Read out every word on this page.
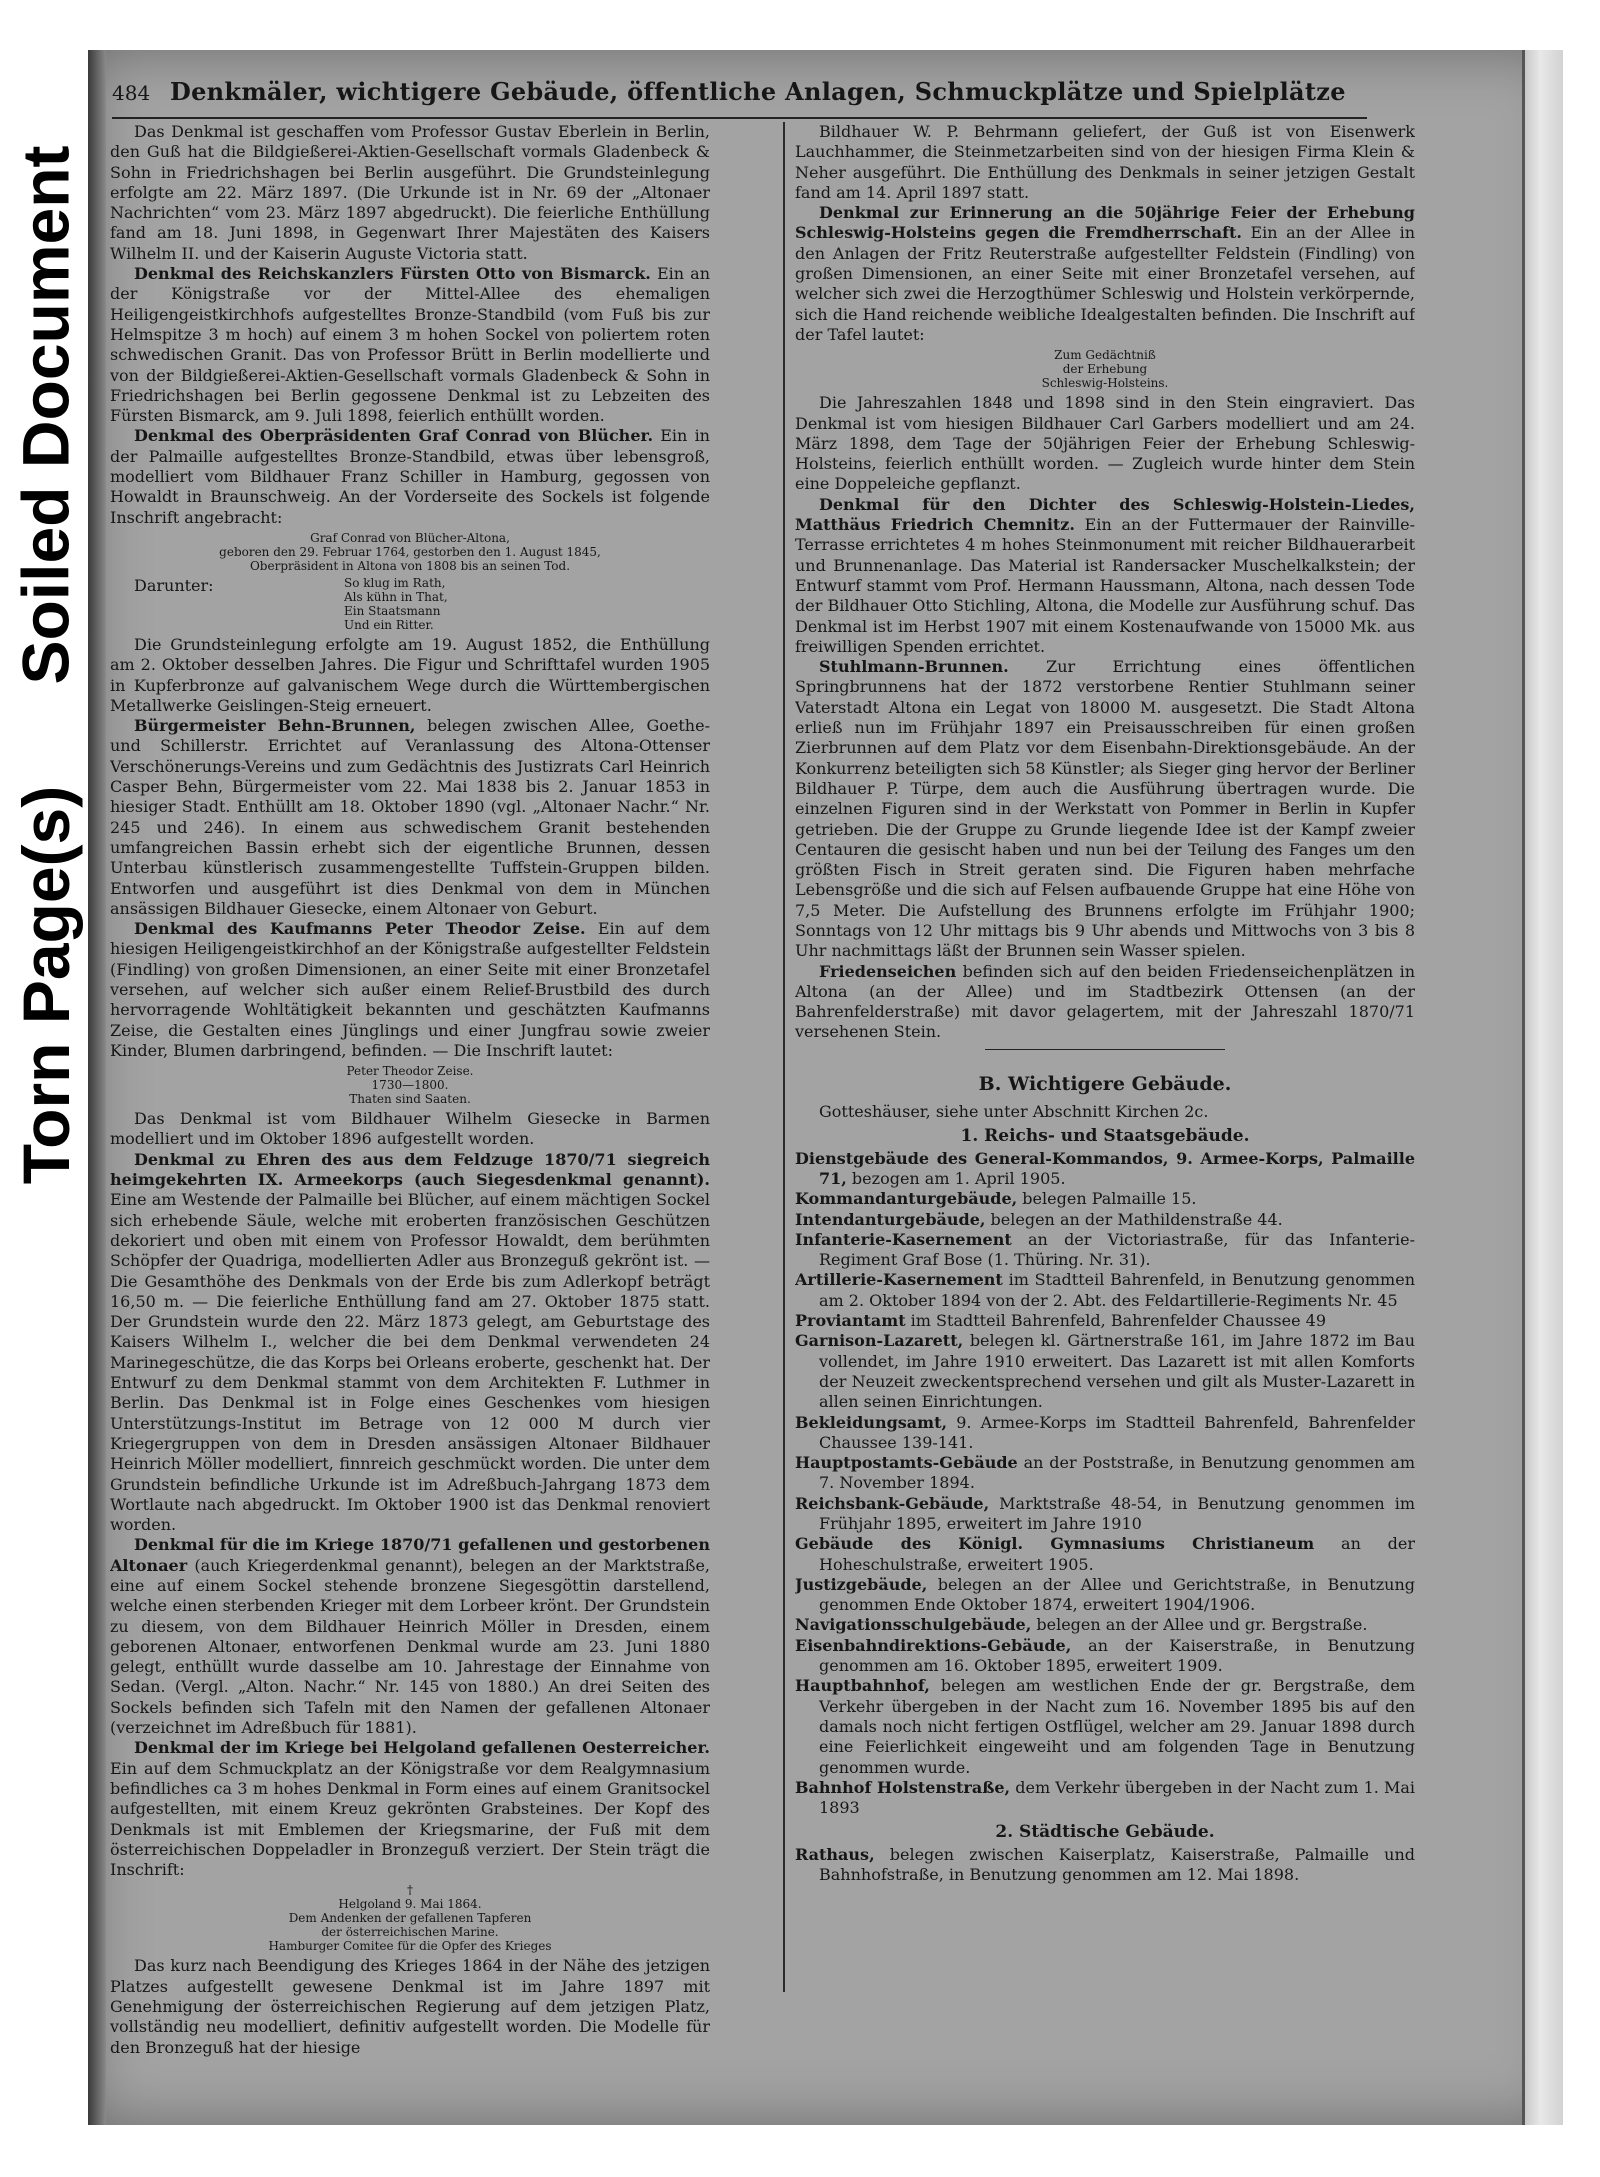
Soiled Document
Torn Page(s)
484 Denkmäler, wichtigere Gebäude, öffentliche Anlagen, Schmuckplätze und Spielplätze

Das Denkmal ist geschaffen vom Professor Gustav Eberlein in Berlin, den Guß hat die Bildgießerei-Aktien-Gesellschaft vormals Gladenbeck & Sohn in Friedrichshagen bei Berlin ausgeführt. Die Grundsteinlegung erfolgte am 22. März 1897. (Die Urkunde ist in Nr. 69 der „Altonaer Nachrichten“ vom 23. März 1897 abgedruckt). Die feierliche Enthüllung fand am 18. Juni 1898, in Gegenwart Ihrer Majestäten des Kaisers Wilhelm II. und der Kaiserin Auguste Victoria statt.

Denkmal des Reichskanzlers Fürsten Otto von Bismarck. Ein an der Königstraße vor der Mittel-Allee des ehemaligen Heiligengeistkirchhofs aufgestelltes Bronze-Standbild (vom Fuß bis zur Helmspitze 3 m hoch) auf einem 3 m hohen Sockel von poliertem roten schwedischen Granit. Das von Professor Brütt in Berlin modellierte und von der Bildgießerei-Aktien-Gesellschaft vormals Gladenbeck & Sohn in Friedrichshagen bei Berlin gegossene Denkmal ist zu Lebzeiten des Fürsten Bismarck, am 9. Juli 1898, feierlich enthüllt worden.

Denkmal des Oberpräsidenten Graf Conrad von Blücher. Ein in der Palmaille aufgestelltes Bronze-Standbild, etwas über lebensgroß, modelliert vom Bildhauer Franz Schiller in Hamburg, gegossen von Howaldt in Braunschweig. An der Vorderseite des Sockels ist folgende Inschrift angebracht:

Graf Conrad von Blücher-Altona,
geboren den 29. Februar 1764, gestorben den 1. August 1845,
Oberpräsident in Altona von 1808 bis an seinen Tod.
Darunter:	So klug im Rath,
Als kühn in That,
Ein Staatsmann
Und ein Ritter.

Die Grundsteinlegung erfolgte am 19. August 1852, die Enthüllung am 2. Oktober desselben Jahres. Die Figur und Schrifttafel wurden 1905 in Kupferbronze auf galvanischem Wege durch die Württembergischen Metallwerke Geislingen-Steig erneuert.

Bürgermeister Behn-Brunnen, belegen zwischen Allee, Goethe- und Schillerstr. Errichtet auf Veranlassung des Altona-Ottenser Verschönerungs-Vereins und zum Gedächtnis des Justizrats Carl Heinrich Casper Behn, Bürgermeister vom 22. Mai 1838 bis 2. Januar 1853 in hiesiger Stadt. Enthüllt am 18. Oktober 1890 (vgl. „Altonaer Nachr.“ Nr. 245 und 246). In einem aus schwedischem Granit bestehenden umfangreichen Bassin erhebt sich der eigentliche Brunnen, dessen Unterbau künstlerisch zusammengestellte Tuffstein-Gruppen bilden. Entworfen und ausgeführt ist dies Denkmal von dem in München ansässigen Bildhauer Giesecke, einem Altonaer von Geburt.

Denkmal des Kaufmanns Peter Theodor Zeise. Ein auf dem hiesigen Heiligengeistkirchhof an der Königstraße aufgestellter Feldstein (Findling) von großen Dimensionen, an einer Seite mit einer Bronzetafel versehen, auf welcher sich außer einem Relief-Brustbild des durch hervorragende Wohltätigkeit bekannten und geschätzten Kaufmanns Zeise, die Gestalten eines Jünglings und einer Jungfrau sowie zweier Kinder, Blumen darbringend, befinden. — Die Inschrift lautet:

Peter Theodor Zeise.
1730—1800.
Thaten sind Saaten.

Das Denkmal ist vom Bildhauer Wilhelm Giesecke in Barmen modelliert und im Oktober 1896 aufgestellt worden.

Denkmal zu Ehren des aus dem Feldzuge 1870/71 siegreich heimgekehrten IX. Armeekorps (auch Siegesdenkmal genannt). Eine am Westende der Palmaille bei Blücher, auf einem mächtigen Sockel sich erhebende Säule, welche mit eroberten französischen Geschützen dekoriert und oben mit einem von Professor Howaldt, dem berühmten Schöpfer der Quadriga, modellierten Adler aus Bronzeguß gekrönt ist. — Die Gesamthöhe des Denkmals von der Erde bis zum Adlerkopf beträgt 16,50 m. — Die feierliche Enthüllung fand am 27. Oktober 1875 statt. Der Grundstein wurde den 22. März 1873 gelegt, am Geburtstage des Kaisers Wilhelm I., welcher die bei dem Denkmal verwendeten 24 Marinegeschütze, die das Korps bei Orleans eroberte, geschenkt hat. Der Entwurf zu dem Denkmal stammt von dem Architekten F. Luthmer in Berlin. Das Denkmal ist in Folge eines Geschenkes vom hiesigen Unterstützungs-Institut im Betrage von 12 000 M durch vier Kriegergruppen von dem in Dresden ansässigen Altonaer Bildhauer Heinrich Möller modelliert, finnreich geschmückt worden. Die unter dem Grundstein befindliche Urkunde ist im Adreßbuch-Jahrgang 1873 dem Wortlaute nach abgedruckt. Im Oktober 1900 ist das Denkmal renoviert worden.

Denkmal für die im Kriege 1870/71 gefallenen und gestorbenen Altonaer (auch Kriegerdenkmal genannt), belegen an der Marktstraße, eine auf einem Sockel stehende bronzene Siegesgöttin darstellend, welche einen sterbenden Krieger mit dem Lorbeer krönt. Der Grundstein zu diesem, von dem Bildhauer Heinrich Möller in Dresden, einem geborenen Altonaer, entworfenen Denkmal wurde am 23. Juni 1880 gelegt, enthüllt wurde dasselbe am 10. Jahrestage der Einnahme von Sedan. (Vergl. „Alton. Nachr.“ Nr. 145 von 1880.) An drei Seiten des Sockels befinden sich Tafeln mit den Namen der gefallenen Altonaer (verzeichnet im Adreßbuch für 1881).

Denkmal der im Kriege bei Helgoland gefallenen Oesterreicher. Ein auf dem Schmuckplatz an der Königstraße vor dem Realgymnasium befindliches ca 3 m hohes Denkmal in Form eines auf einem Granitsockel aufgestellten, mit einem Kreuz gekrönten Grabsteines. Der Kopf des Denkmals ist mit Emblemen der Kriegsmarine, der Fuß mit dem österreichischen Doppeladler in Bronzeguß verziert. Der Stein trägt die Inschrift:

†
Helgoland 9. Mai 1864.
Dem Andenken der gefallenen Tapferen
der österreichischen Marine.
Hamburger Comitee für die Opfer des Krieges

Das kurz nach Beendigung des Krieges 1864 in der Nähe des jetzigen Platzes aufgestellt gewesene Denkmal ist im Jahre 1897 mit Genehmigung der österreichischen Regierung auf dem jetzigen Platz, vollständig neu modelliert, definitiv aufgestellt worden. Die Modelle für den Bronzeguß hat der hiesige

Bildhauer W. P. Behrmann geliefert, der Guß ist von Eisenwerk Lauchhammer, die Steinmetzarbeiten sind von der hiesigen Firma Klein & Neher ausgeführt. Die Enthüllung des Denkmals in seiner jetzigen Gestalt fand am 14. April 1897 statt.

Denkmal zur Erinnerung an die 50jährige Feier der Erhebung Schleswig-Holsteins gegen die Fremdherrschaft. Ein an der Allee in den Anlagen der Fritz Reuterstraße aufgestellter Feldstein (Findling) von großen Dimensionen, an einer Seite mit einer Bronzetafel versehen, auf welcher sich zwei die Herzogthümer Schleswig und Holstein verkörpernde, sich die Hand reichende weibliche Idealgestalten befinden. Die Inschrift auf der Tafel lautet:

Zum Gedächtniß
der Erhebung
Schleswig-Holsteins.

Die Jahreszahlen 1848 und 1898 sind in den Stein eingraviert. Das Denkmal ist vom hiesigen Bildhauer Carl Garbers modelliert und am 24. März 1898, dem Tage der 50jährigen Feier der Erhebung Schleswig-Holsteins, feierlich enthüllt worden. — Zugleich wurde hinter dem Stein eine Doppeleiche gepflanzt.

Denkmal für den Dichter des Schleswig-Holstein-Liedes, Matthäus Friedrich Chemnitz. Ein an der Futtermauer der Rainville-Terrasse errichtetes 4 m hohes Steinmonument mit reicher Bildhauerarbeit und Brunnenanlage. Das Material ist Randersacker Muschelkalkstein; der Entwurf stammt vom Prof. Hermann Haussmann, Altona, nach dessen Tode der Bildhauer Otto Stichling, Altona, die Modelle zur Ausführung schuf. Das Denkmal ist im Herbst 1907 mit einem Kostenaufwande von 15000 Mk. aus freiwilligen Spenden errichtet.

Stuhlmann-Brunnen. Zur Errichtung eines öffentlichen Springbrunnens hat der 1872 verstorbene Rentier Stuhlmann seiner Vaterstadt Altona ein Legat von 18000 M. ausgesetzt. Die Stadt Altona erließ nun im Frühjahr 1897 ein Preisausschreiben für einen großen Zierbrunnen auf dem Platz vor dem Eisenbahn-Direktionsgebäude. An der Konkurrenz beteiligten sich 58 Künstler; als Sieger ging hervor der Berliner Bildhauer P. Türpe, dem auch die Ausführung übertragen wurde. Die einzelnen Figuren sind in der Werkstatt von Pommer in Berlin in Kupfer getrieben. Die der Gruppe zu Grunde liegende Idee ist der Kampf zweier Centauren die gesischt haben und nun bei der Teilung des Fanges um den größten Fisch in Streit geraten sind. Die Figuren haben mehrfache Lebensgröße und die sich auf Felsen aufbauende Gruppe hat eine Höhe von 7,5 Meter. Die Aufstellung des Brunnens erfolgte im Frühjahr 1900; Sonntags von 12 Uhr mittags bis 9 Uhr abends und Mittwochs von 3 bis 8 Uhr nachmittags läßt der Brunnen sein Wasser spielen.

Friedenseichen befinden sich auf den beiden Friedenseichenplätzen in Altona (an der Allee) und im Stadtbezirk Ottensen (an der Bahrenfelderstraße) mit davor gelagertem, mit der Jahreszahl 1870/71 versehenen Stein.

B. Wichtigere Gebäude.

Gotteshäuser, siehe unter Abschnitt Kirchen 2c.

1. Reichs- und Staatsgebäude.

Dienstgebäude des General-Kommandos, 9. Armee-Korps, Palmaille 71, bezogen am 1. April 1905.

Kommandanturgebäude, belegen Palmaille 15.

Intendanturgebäude, belegen an der Mathildenstraße 44.

Infanterie-Kasernement an der Victoriastraße, für das Infanterie-Regiment Graf Bose (1. Thüring. Nr. 31).

Artillerie-Kasernement im Stadtteil Bahrenfeld, in Benutzung genommen am 2. Oktober 1894 von der 2. Abt. des Feldartillerie-Regiments Nr. 45

Proviantamt im Stadtteil Bahrenfeld, Bahrenfelder Chaussee 49

Garnison-Lazarett, belegen kl. Gärtnerstraße 161, im Jahre 1872 im Bau vollendet, im Jahre 1910 erweitert. Das Lazarett ist mit allen Komforts der Neuzeit zweckentsprechend versehen und gilt als Muster-Lazarett in allen seinen Einrichtungen.

Bekleidungsamt, 9. Armee-Korps im Stadtteil Bahrenfeld, Bahrenfelder Chaussee 139-141.

Hauptpostamts-Gebäude an der Poststraße, in Benutzung genommen am 7. November 1894.

Reichsbank-Gebäude, Marktstraße 48-54, in Benutzung genommen im Frühjahr 1895, erweitert im Jahre 1910

Gebäude des Königl. Gymnasiums Christianeum an der Hoheschulstraße, erweitert 1905.

Justizgebäude, belegen an der Allee und Gerichtstraße, in Benutzung genommen Ende Oktober 1874, erweitert 1904/1906.

Navigationsschulgebäude, belegen an der Allee und gr. Bergstraße.

Eisenbahndirektions-Gebäude, an der Kaiserstraße, in Benutzung genommen am 16. Oktober 1895, erweitert 1909.

Hauptbahnhof, belegen am westlichen Ende der gr. Bergstraße, dem Verkehr übergeben in der Nacht zum 16. November 1895 bis auf den damals noch nicht fertigen Ostflügel, welcher am 29. Januar 1898 durch eine Feierlichkeit eingeweiht und am folgenden Tage in Benutzung genommen wurde.

Bahnhof Holstenstraße, dem Verkehr übergeben in der Nacht zum 1. Mai 1893

2. Städtische Gebäude.

Rathaus, belegen zwischen Kaiserplatz, Kaiserstraße, Palmaille und Bahnhofstraße, in Benutzung genommen am 12. Mai 1898.
